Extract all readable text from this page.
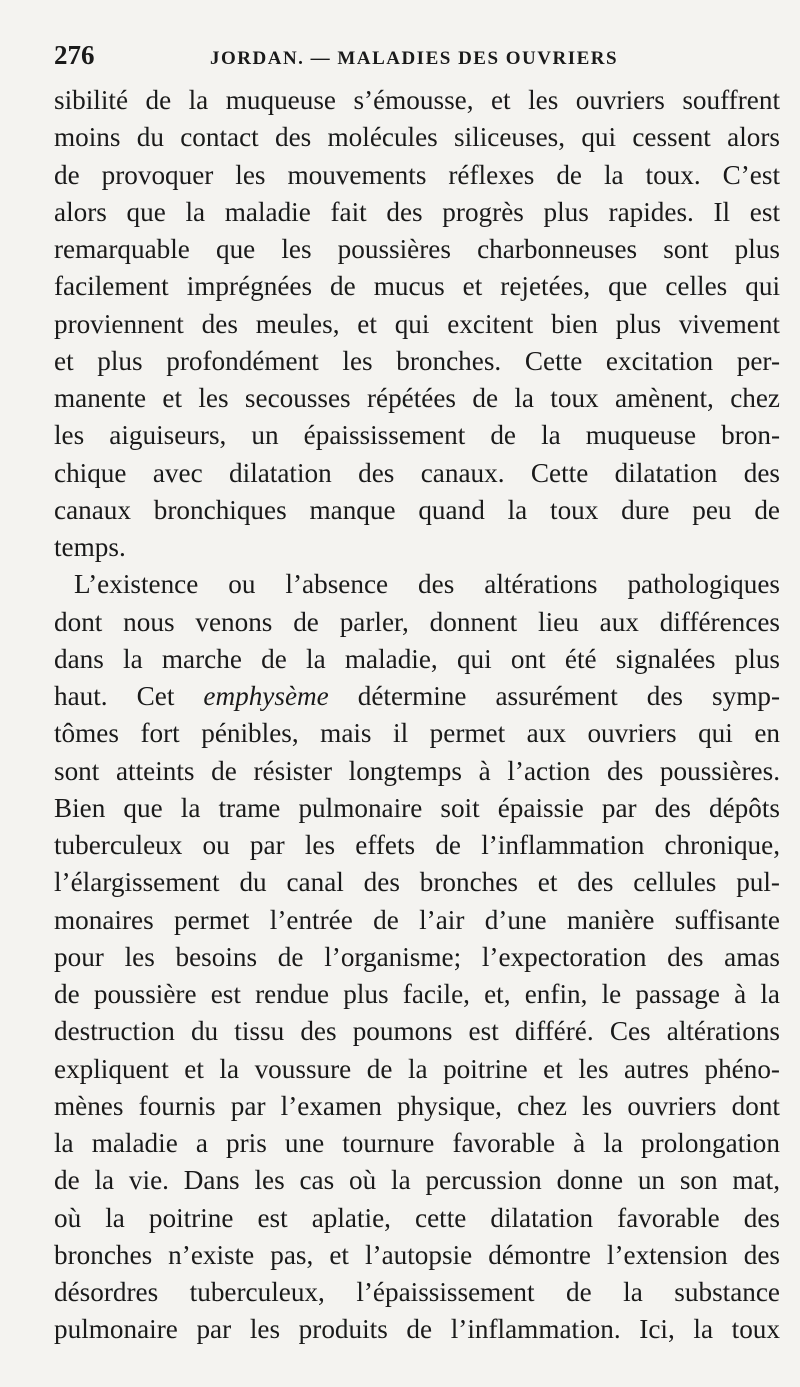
276	JORDAN. — MALADIES DES OUVRIERS
sibilité de la muqueuse s’émousse, et les ouvriers souffrent
moins du contact des molécules siliceuses, qui cessent alors
de provoquer les mouvements réflexes de la toux. C’est
alors que la maladie fait des progrès plus rapides. Il est
remarquable que les poussières charbonneuses sont plus
facilement imprégnées de mucus et rejetées, que celles qui
proviennent des meules, et qui excitent bien plus vivement
et plus profondément les bronches. Cette excitation per-
manente et les secousses répétées de la toux amènent, chez
les aiguiseurs, un épaississement de la muqueuse bron-
chique avec dilatation des canaux. Cette dilatation des
canaux bronchiques manque quand la toux dure peu de
temps.
L’existence ou l’absence des altérations pathologiques
dont nous venons de parler, donnent lieu aux différences
dans la marche de la maladie, qui ont été signalées plus
haut. Cet emphysème détermine assurément des symp-
tômes fort pénibles, mais il permet aux ouvriers qui en
sont atteints de résister longtemps à l’action des poussières.
Bien que la trame pulmonaire soit épaissie par des dépôts
tuberculeux ou par les effets de l’inflammation chronique,
l’élargissement du canal des bronches et des cellules pul-
monaires permet l’entrée de l’air d’une manière suffisante
pour les besoins de l’organisme; l’expectoration des amas
de poussière est rendue plus facile, et, enfin, le passage à la
destruction du tissu des poumons est différé. Ces altérations
expliquent et la voussure de la poitrine et les autres phéno-
mènes fournis par l’examen physique, chez les ouvriers dont
la maladie a pris une tournure favorable à la prolongation
de la vie. Dans les cas où la percussion donne un son mat,
où la poitrine est aplatie, cette dilatation favorable des
bronches n’existe pas, et l’autopsie démontre l’extension des
désordres tuberculeux, l’épaississement de la substance
pulmonaire par les produits de l’inflammation. Ici, la toux
